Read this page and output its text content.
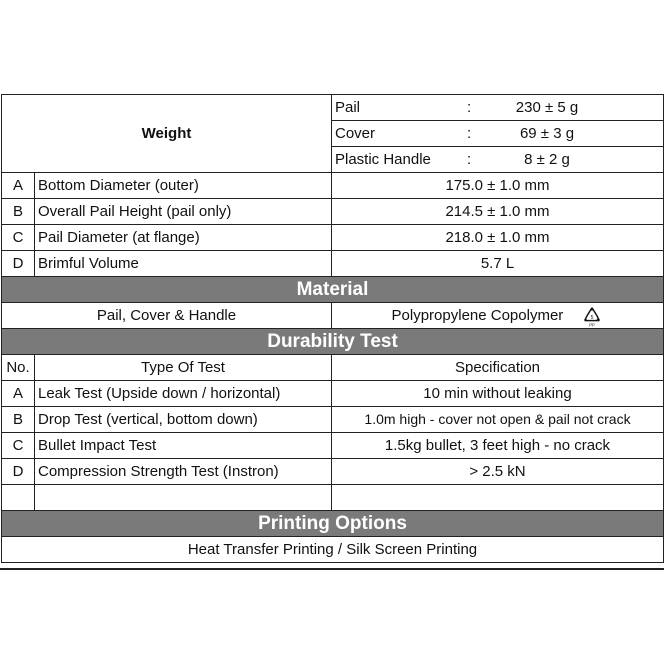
Weight		Pail : 230 ± 5 g

		Cover : 69 ± 3 g

		Plastic Handle : 8 ± 2 g

A	Bottom Diameter (outer)	175.0 ± 1.0 mm
B	Overall Pail Height (pail only)	214.5 ± 1.0 mm
C	Pail Diameter (at flange)	218.0 ± 1.0 mm
D	Brimful Volume	5.7 L
Material		
Pail, Cover & Handle		Polypropylene Copolymer 5
PP

Durability Test		
No.	Type Of Test	Specification
A	Leak Test (Upside down / horizontal)	10 min without leaking
B	Drop Test (vertical, bottom down)	1.0m high - cover not open & pail not crack
C	Bullet Impact Test	1.5kg bullet, 3 feet high - no crack
D	Compression Strength Test (Instron)	> 2.5 kN

Printing Options		
Heat Transfer Printing / Silk Screen Printing		
